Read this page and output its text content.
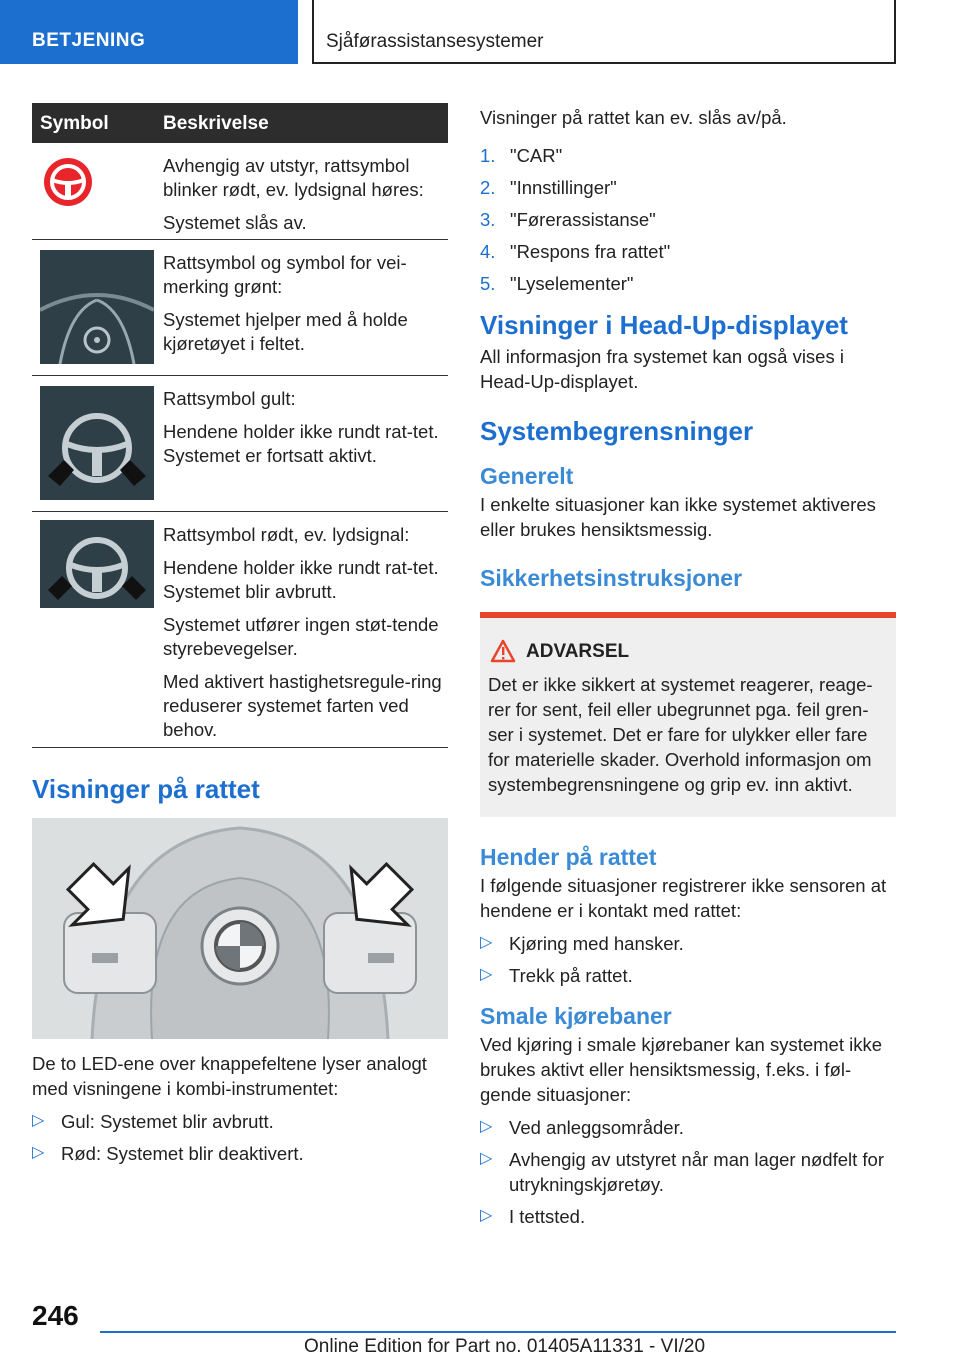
BETJENING	Sjåførassistansesystemer
Symbol	Beskrivelse

Avhengig av utstyr, rattsymbol blinker rødt, ev. lydsignal høres:

Systemet slås av.

Rattsymbol og symbol for vei-merking grønt:

Systemet hjelper med å holde kjøretøyet i feltet.

Rattsymbol gult:

Hendene holder ikke rundt rat-tet. Systemet er fortsatt aktivt.

Rattsymbol rødt, ev. lydsignal:

Hendene holder ikke rundt rat-tet. Systemet blir avbrutt.

Systemet utfører ingen støt-tende styrebevegelser.

Med aktivert hastighetsregule-ring reduserer systemet farten ved behov.

Visninger på rattet

De to LED-ene over knappefeltene lyser analogt med visningene i kombi-instrumentet:

▷ Gul: Systemet blir avbrutt.
▷ Rød: Systemet blir deaktivert.

Visninger på rattet kan ev. slås av/på.

1. "CAR"
2. "Innstillinger"
3. "Førerassistanse"
4. "Respons fra rattet"
5. "Lyselementer"
Visninger i Head-Up-displayet

All informasjon fra systemet kan også vises i Head-Up-displayet.

Systembegrensninger
Generelt

I enkelte situasjoner kan ikke systemet aktiveres eller brukes hensiktsmessig.

Sikkerhetsinstruksjoner
ADVARSEL

Det er ikke sikkert at systemet reagerer, reage-rer for sent, feil eller ubegrunnet pga. feil gren-ser i systemet. Det er fare for ulykker eller fare for materielle skader. Overhold informasjon om systembegrensningene og grip ev. inn aktivt.

Hender på rattet

I følgende situasjoner registrerer ikke sensoren at hendene er i kontakt med rattet:

▷ Kjøring med hansker.
▷ Trekk på rattet.
Smale kjørebaner

Ved kjøring i smale kjørebaner kan systemet ikke brukes aktivt eller hensiktsmessig, f.eks. i føl-gende situasjoner:

▷ Ved anleggsområder.
▷ Avhengig av utstyret når man lager nødfelt for utrykningskjøretøy.
▷ I tettsted.
246
Online Edition for Part no. 01405A11331 - VI/20
